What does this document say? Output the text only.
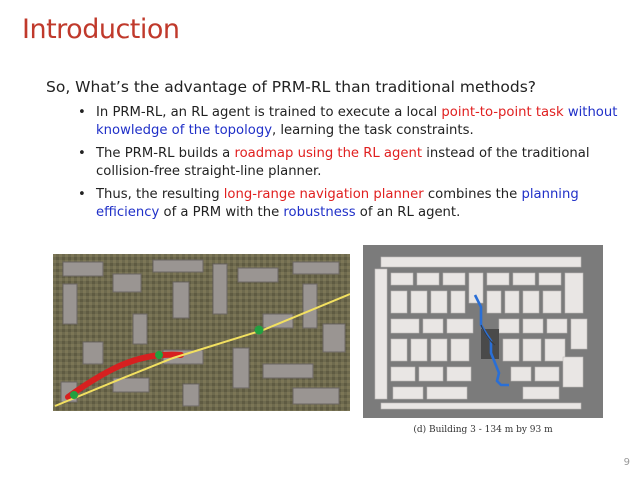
Introduction
So, What’s the advantage of PRM-RL than traditional methods?
• In PRM-RL, an RL agent is trained to execute a local point-to-point task without knowledge of the topology, learning the task constraints.
• The PRM-RL builds a roadmap using the RL agent instead of the traditional collision-free straight-line planner.
• Thus, the resulting long-range navigation planner combines the planning efficiency of a PRM with the robustness of an RL agent.
(d) Building 3 - 134 m by 93 m
9
